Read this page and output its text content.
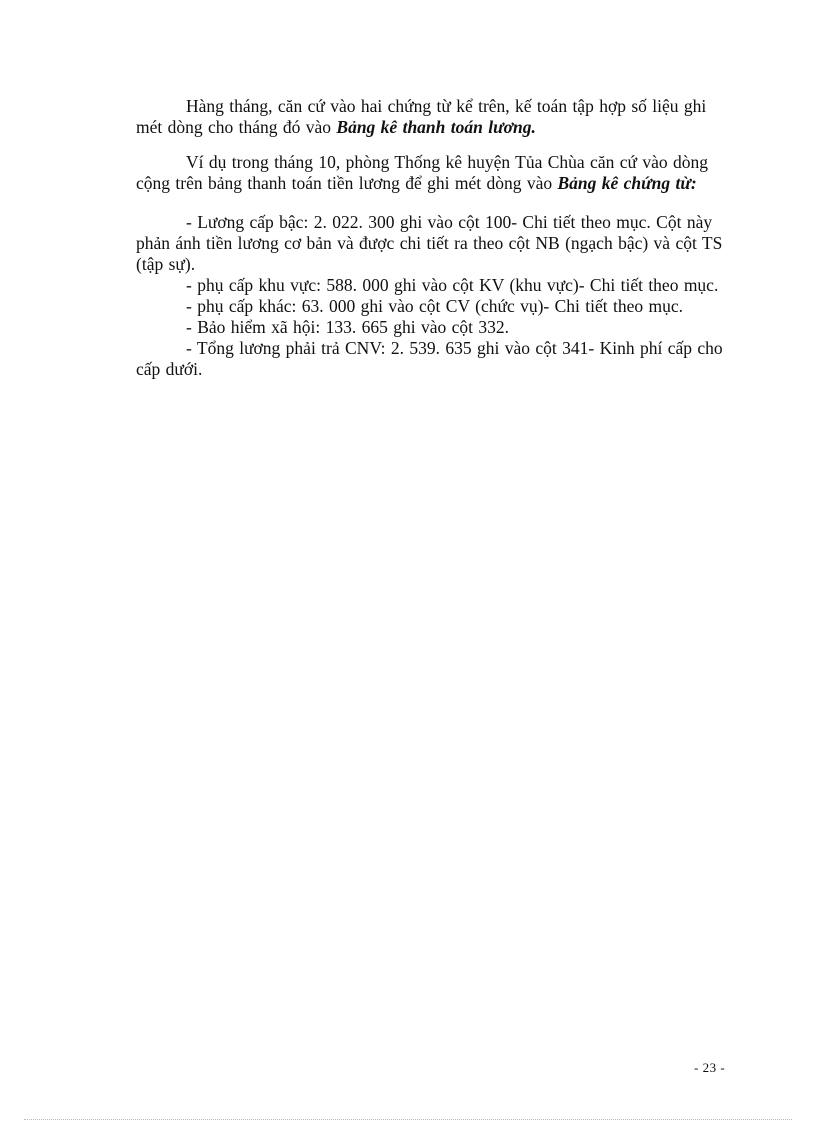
Hàng tháng, căn cứ vào hai chứng từ kể trên, kế toán tập hợp số liệu ghi mét dòng cho tháng đó vào Bảng kê thanh toán lương.

Ví dụ trong tháng 10, phòng Thống kê huyện Tủa Chùa căn cứ vào dòng cộng trên bảng thanh toán tiền lương để ghi mét dòng vào Bảng kê chứng từ:

- Lương cấp bậc: 2. 022. 300 ghi vào cột 100- Chi tiết theo mục. Cột này phản ánh tiền lương cơ bản và được chi tiết ra theo cột NB (ngạch bậc) và cột TS (tập sự).

- phụ cấp khu vực: 588. 000 ghi vào cột KV (khu vực)- Chi tiết theo mục.

- phụ cấp khác: 63. 000 ghi vào cột CV (chức vụ)- Chi tiết theo mục.

- Bảo hiểm xã hội: 133. 665 ghi vào cột 332.

- Tổng lương phải trả CNV: 2. 539. 635 ghi vào cột 341- Kinh phí cấp cho cấp dưới.

- 23 -
